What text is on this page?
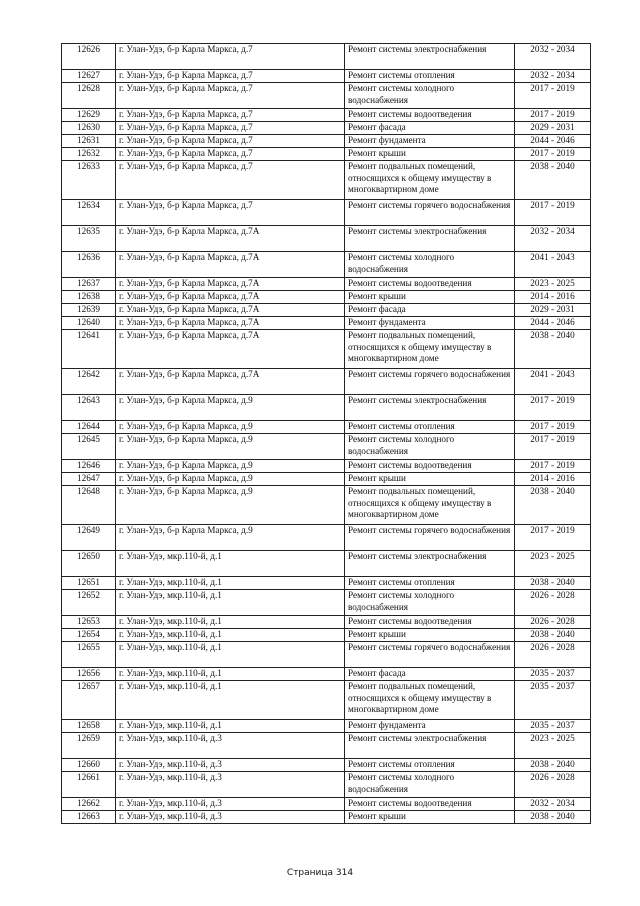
12626	г. Улан-Удэ, б-р Карла Маркса, д.7	Ремонт системы электроснабжения	2032 - 2034
12627	г. Улан-Удэ, б-р Карла Маркса, д.7	Ремонт системы отопления	2032 - 2034
12628	г. Улан-Удэ, б-р Карла Маркса, д.7	Ремонт системы холодного водоснабжения	2017 - 2019
12629	г. Улан-Удэ, б-р Карла Маркса, д.7	Ремонт системы водоотведения	2017 - 2019
12630	г. Улан-Удэ, б-р Карла Маркса, д.7	Ремонт фасада	2029 - 2031
12631	г. Улан-Удэ, б-р Карла Маркса, д.7	Ремонт фундамента	2044 - 2046
12632	г. Улан-Удэ, б-р Карла Маркса, д.7	Ремонт крыши	2017 - 2019
12633	г. Улан-Удэ, б-р Карла Маркса, д.7	Ремонт подвальных помещений, относящихся к общему имуществу в многоквартирном доме	2038 - 2040
12634	г. Улан-Удэ, б-р Карла Маркса, д.7	Ремонт системы горячего водоснабжения	2017 - 2019
12635	г. Улан-Удэ, б-р Карла Маркса, д.7А	Ремонт системы электроснабжения	2032 - 2034
12636	г. Улан-Удэ, б-р Карла Маркса, д.7А	Ремонт системы холодного водоснабжения	2041 - 2043
12637	г. Улан-Удэ, б-р Карла Маркса, д.7А	Ремонт системы водоотведения	2023 - 2025
12638	г. Улан-Удэ, б-р Карла Маркса, д.7А	Ремонт крыши	2014 - 2016
12639	г. Улан-Удэ, б-р Карла Маркса, д.7А	Ремонт фасада	2029 - 2031
12640	г. Улан-Удэ, б-р Карла Маркса, д.7А	Ремонт фундамента	2044 - 2046
12641	г. Улан-Удэ, б-р Карла Маркса, д.7А	Ремонт подвальных помещений, относящихся к общему имуществу в многоквартирном доме	2038 - 2040
12642	г. Улан-Удэ, б-р Карла Маркса, д.7А	Ремонт системы горячего водоснабжения	2041 - 2043
12643	г. Улан-Удэ, б-р Карла Маркса, д.9	Ремонт системы электроснабжения	2017 - 2019
12644	г. Улан-Удэ, б-р Карла Маркса, д.9	Ремонт системы отопления	2017 - 2019
12645	г. Улан-Удэ, б-р Карла Маркса, д.9	Ремонт системы холодного водоснабжения	2017 - 2019
12646	г. Улан-Удэ, б-р Карла Маркса, д.9	Ремонт системы водоотведения	2017 - 2019
12647	г. Улан-Удэ, б-р Карла Маркса, д.9	Ремонт крыши	2014 - 2016
12648	г. Улан-Удэ, б-р Карла Маркса, д.9	Ремонт подвальных помещений, относящихся к общему имуществу в многоквартирном доме	2038 - 2040
12649	г. Улан-Удэ, б-р Карла Маркса, д.9	Ремонт системы горячего водоснабжения	2017 - 2019
12650	г. Улан-Удэ, мкр.110-й, д.1	Ремонт системы электроснабжения	2023 - 2025
12651	г. Улан-Удэ, мкр.110-й, д.1	Ремонт системы отопления	2038 - 2040
12652	г. Улан-Удэ, мкр.110-й, д.1	Ремонт системы холодного водоснабжения	2026 - 2028
12653	г. Улан-Удэ, мкр.110-й, д.1	Ремонт системы водоотведения	2026 - 2028
12654	г. Улан-Удэ, мкр.110-й, д.1	Ремонт крыши	2038 - 2040
12655	г. Улан-Удэ, мкр.110-й, д.1	Ремонт системы горячего водоснабжения	2026 - 2028
12656	г. Улан-Удэ, мкр.110-й, д.1	Ремонт фасада	2035 - 2037
12657	г. Улан-Удэ, мкр.110-й, д.1	Ремонт подвальных помещений, относящихся к общему имуществу в многоквартирном доме	2035 - 2037
12658	г. Улан-Удэ, мкр.110-й, д.1	Ремонт фундамента	2035 - 2037
12659	г. Улан-Удэ, мкр.110-й, д.3	Ремонт системы электроснабжения	2023 - 2025
12660	г. Улан-Удэ, мкр.110-й, д.3	Ремонт системы отопления	2038 - 2040
12661	г. Улан-Удэ, мкр.110-й, д.3	Ремонт системы холодного водоснабжения	2026 - 2028
12662	г. Улан-Удэ, мкр.110-й, д.3	Ремонт системы водоотведения	2032 - 2034
12663	г. Улан-Удэ, мкр.110-й, д.3	Ремонт крыши	2038 - 2040
Страница 314
